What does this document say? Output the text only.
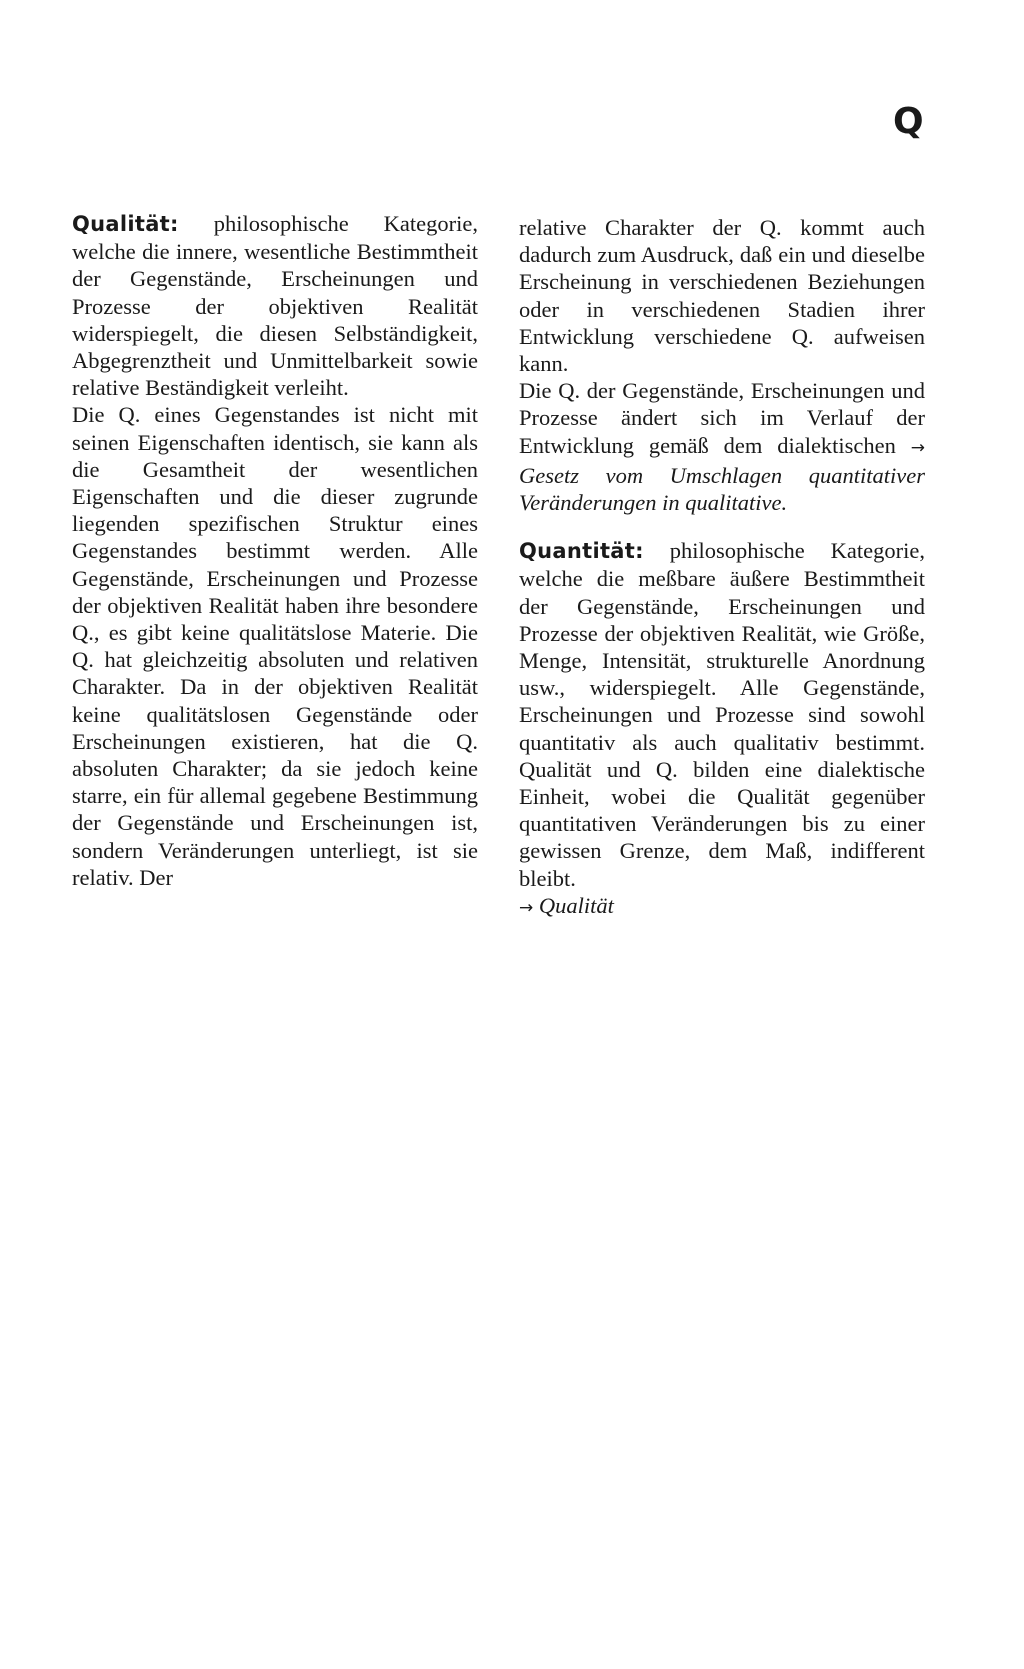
Q

Qualität: philosophische Kategorie, welche die innere, wesentliche Bestimmtheit der Gegenstände, Erscheinungen und Prozesse der objektiven Realität widerspiegelt, die diesen Selbständigkeit, Abgegrenztheit und Unmittelbarkeit sowie relative Beständigkeit verleiht.

Die Q. eines Gegenstandes ist nicht mit seinen Eigenschaften identisch, sie kann als die Gesamtheit der wesentlichen Eigenschaften und die dieser zugrunde liegenden spezifischen Struktur eines Gegenstandes bestimmt werden. Alle Gegenstände, Erscheinungen und Prozesse der objektiven Realität haben ihre besondere Q., es gibt keine qualitätslose Materie. Die Q. hat gleichzeitig absoluten und relativen Charakter. Da in der objektiven Realität keine qualitätslosen Gegenstände oder Erscheinungen existieren, hat die Q. absoluten Charakter; da sie jedoch keine starre, ein für allemal gegebene Bestimmung der Gegenstände und Erscheinungen ist, sondern Veränderungen unterliegt, ist sie relativ. Der

relative Charakter der Q. kommt auch dadurch zum Ausdruck, daß ein und dieselbe Erscheinung in verschiedenen Beziehungen oder in verschiedenen Stadien ihrer Entwicklung verschiedene Q. aufweisen kann.

Die Q. der Gegenstände, Erscheinungen und Prozesse ändert sich im Verlauf der Entwicklung gemäß dem dialektischen → Gesetz vom Umschlagen quantitativer Veränderungen in qualitative.

Quantität: philosophische Kategorie, welche die meßbare äußere Bestimmtheit der Gegenstände, Erscheinungen und Prozesse der objektiven Realität, wie Größe, Menge, Intensität, strukturelle Anordnung usw., widerspiegelt. Alle Gegenstände, Erscheinungen und Prozesse sind sowohl quantitativ als auch qualitativ bestimmt. Qualität und Q. bilden eine dialektische Einheit, wobei die Qualität gegenüber quantitativen Veränderungen bis zu einer gewissen Grenze, dem Maß, indifferent bleibt.

→ Qualität
